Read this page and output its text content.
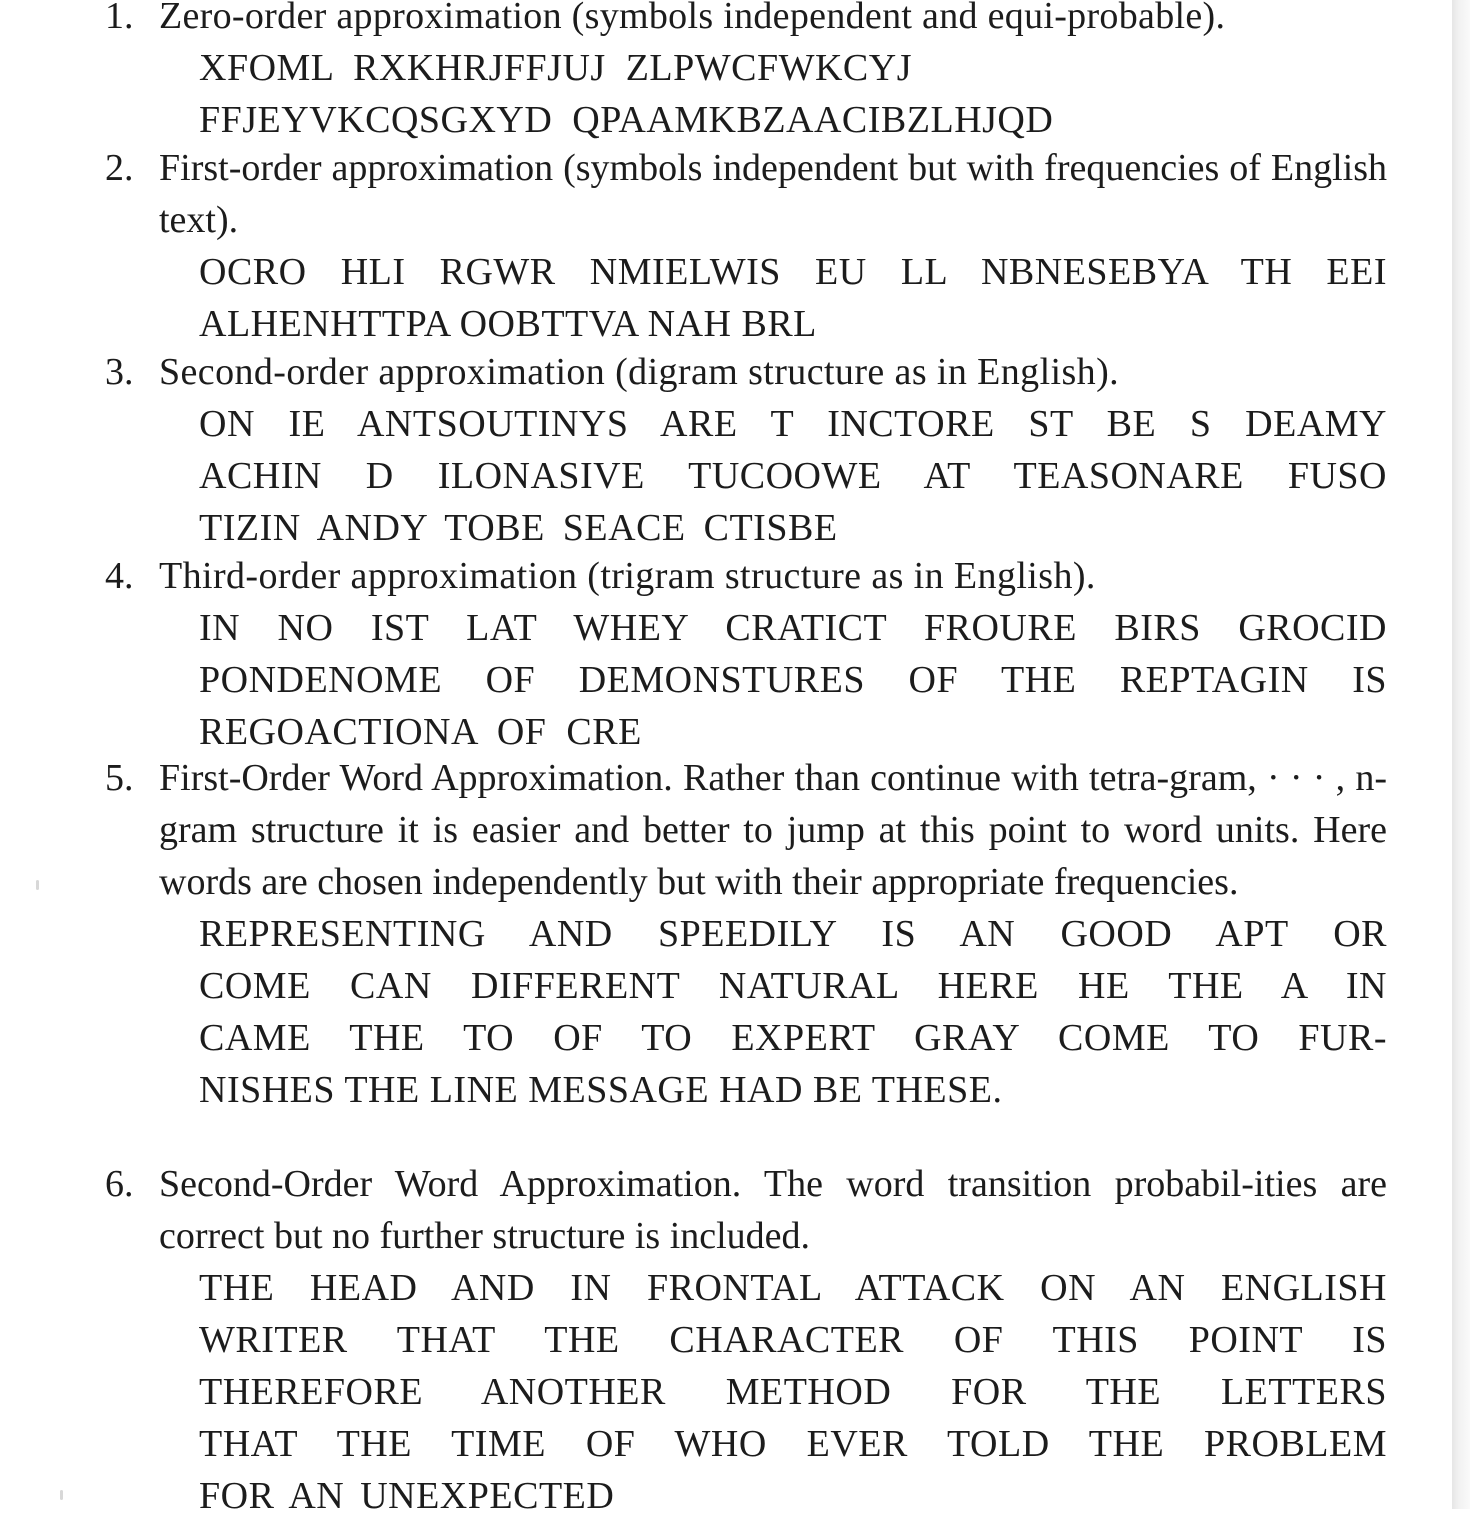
1. Zero-order approximation (symbols independent and equi-probable).
XFOML  RXKHRJFFJUJ  ZLPWCFWKCYJ
FFJEYVKCQSGXYD  QPAAMKBZAACIBZLHJQD
2. First-order approximation (symbols independent but with frequencies of English text).
OCRO HLI RGWR NMIELWIS EU LL NBNESEBYA TH EEI
ALHENHTTPA OOBTTVA NAH BRL
3. Second-order approximation (digram structure as in English).
ON IE ANTSOUTINYS ARE T INCTORE ST BE S DEAMY
ACHIN D ILONASIVE TUCOOWE AT TEASONARE FUSO
TIZIN ANDY TOBE SEACE CTISBE
4. Third-order approximation (trigram structure as in English).
IN NO IST LAT WHEY CRATICT FROURE BIRS GROCID
PONDENOME OF DEMONSTURES OF THE REPTAGIN IS
REGOACTIONA  OF  CRE
5. First-Order Word Approximation. Rather than continue with tetra-gram, · · · , n-gram structure it is easier and better to jump at this point to word units. Here words are chosen independently but with their appropriate frequencies.
REPRESENTING AND SPEEDILY IS AN GOOD APT OR
COME CAN DIFFERENT NATURAL HERE HE THE A IN
CAME THE TO OF TO EXPERT GRAY COME TO FUR-
NISHES THE LINE MESSAGE HAD BE THESE.
6. Second-Order Word Approximation. The word transition probabil-ities are correct but no further structure is included.
THE HEAD AND IN FRONTAL ATTACK ON AN ENGLISH
WRITER THAT THE CHARACTER OF THIS POINT IS
THEREFORE ANOTHER METHOD FOR THE LETTERS
THAT THE TIME OF WHO EVER TOLD THE PROBLEM
FOR AN UNEXPECTED
